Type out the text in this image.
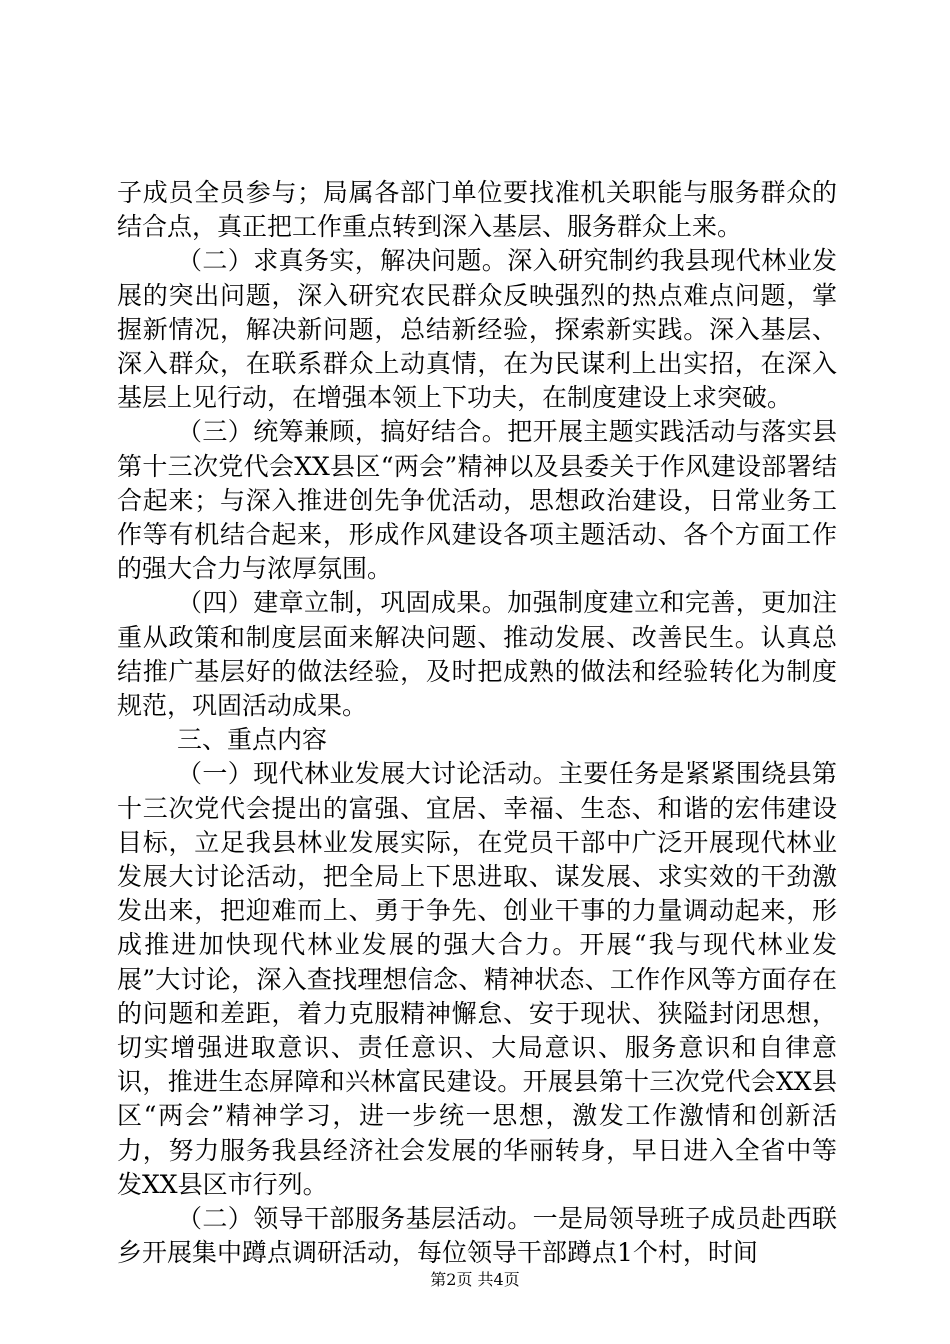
子成员全员参与；局属各部门单位要找准机关职能与服务群众的结合点，真正把工作重点转到深入基层、服务群众上来。

（二）求真务实，解决问题。深入研究制约我县现代林业发展的突出问题，深入研究农民群众反映强烈的热点难点问题，掌握新情况，解决新问题，总结新经验，探索新实践。深入基层、深入群众，在联系群众上动真情，在为民谋利上出实招，在深入基层上见行动，在增强本领上下功夫，在制度建设上求突破。

（三）统筹兼顾，搞好结合。把开展主题实践活动与落实县第十三次党代会XX县区“两会”精神以及县委关于作风建设部署结合起来；与深入推进创先争优活动，思想政治建设，日常业务工作等有机结合起来，形成作风建设各项主题活动、各个方面工作的强大合力与浓厚氛围。

（四）建章立制，巩固成果。加强制度建立和完善，更加注重从政策和制度层面来解决问题、推动发展、改善民生。认真总结推广基层好的做法经验，及时把成熟的做法和经验转化为制度规范，巩固活动成果。

三、重点内容

（一）现代林业发展大讨论活动。主要任务是紧紧围绕县第十三次党代会提出的富强、宜居、幸福、生态、和谐的宏伟建设目标，立足我县林业发展实际，在党员干部中广泛开展现代林业发展大讨论活动，把全局上下思进取、谋发展、求实效的干劲激发出来，把迎难而上、勇于争先、创业干事的力量调动起来，形成推进加快现代林业发展的强大合力。开展“我与现代林业发展”大讨论，深入查找理想信念、精神状态、工作作风等方面存在的问题和差距，着力克服精神懈怠、安于现状、狭隘封闭思想，切实增强进取意识、责任意识、大局意识、服务意识和自律意识，推进生态屏障和兴林富民建设。开展县第十三次党代会XX县区“两会”精神学习，进一步统一思想，激发工作激情和创新活力，努力服务我县经济社会发展的华丽转身，早日进入全省中等发XX县区市行列。

（二）领导干部服务基层活动。一是局领导班子成员赴西联乡开展集中蹲点调研活动，每位领导干部蹲点1个村，时间

第2页 共4页
